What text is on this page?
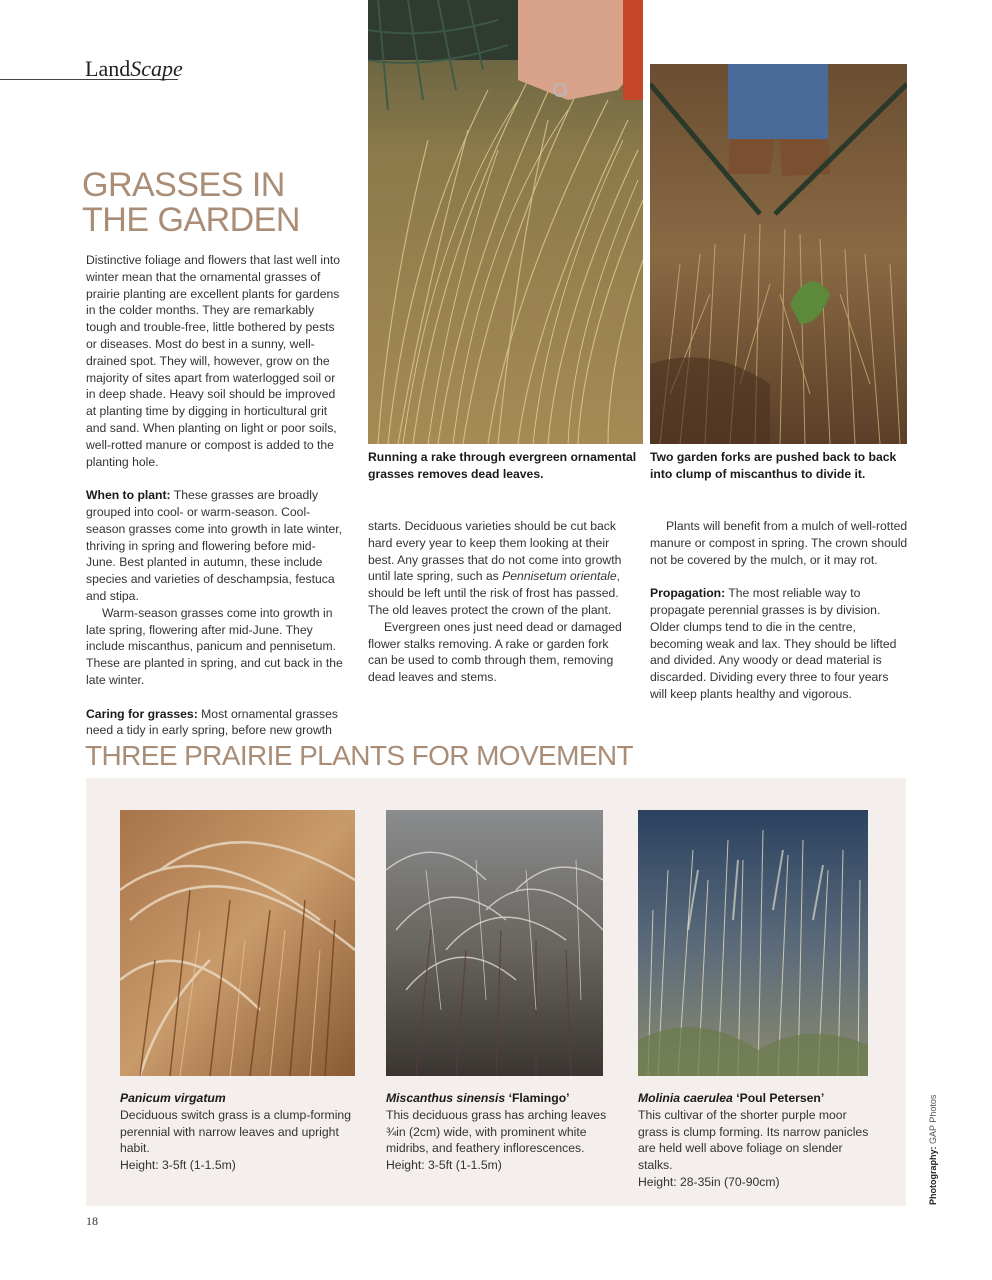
LandScape
GRASSES IN
THE GARDEN

Distinctive foliage and flowers that last well into winter mean that the ornamental grasses of prairie planting are excellent plants for gardens in the colder months. They are remarkably tough and trouble-free, little bothered by pests or diseases. Most do best in a sunny, well-drained spot. They will, however, grow on the majority of sites apart from waterlogged soil or in deep shade. Heavy soil should be improved at planting time by digging in horticultural grit and sand. When planting on light or poor soils, well-rotted manure or compost is added to the planting hole.

When to plant: These grasses are broadly grouped into cool- or warm-season. Cool-season grasses come into growth in late winter, thriving in spring and flowering before mid-June. Best planted in autumn, these include species and varieties of deschampsia, festuca and stipa.

Warm-season grasses come into growth in late spring, flowering after mid-June. They include miscanthus, panicum and pennisetum. These are planted in spring, and cut back in the late winter.

Caring for grasses: Most ornamental grasses need a tidy in early spring, before new growth

starts. Deciduous varieties should be cut back hard every year to keep them looking at their best. Any grasses that do not come into growth until late spring, such as Pennisetum orientale, should be left until the risk of frost has passed. The old leaves protect the crown of the plant.

Evergreen ones just need dead or damaged flower stalks removing. A rake or garden fork can be used to comb through them, removing dead leaves and stems.

Plants will benefit from a mulch of well-rotted manure or compost in spring. The crown should not be covered by the mulch, or it may rot.

Propagation: The most reliable way to propagate perennial grasses is by division. Older clumps tend to die in the centre, becoming weak and lax. They should be lifted and divided. Any woody or dead material is discarded. Dividing every three to four years will keep plants healthy and vigorous.

Running a rake through evergreen ornamental grasses removes dead leaves.
Two garden forks are pushed back to back into clump of miscanthus to divide it.
THREE PRAIRIE PLANTS FOR MOVEMENT

Panicum virgatum

Deciduous switch grass is a clump-forming perennial with narrow leaves and upright habit.

Height: 3-5ft (1-1.5m)

Miscanthus sinensis ‘Flamingo’

This deciduous grass has arching leaves ¾in (2cm) wide, with prominent white midribs, and feathery inflorescences.

Height: 3-5ft (1-1.5m)

Molinia caerulea ‘Poul Petersen’

This cultivar of the shorter purple moor grass is clump forming. Its narrow panicles are held well above foliage on slender stalks.

Height: 28-35in (70-90cm)	Photography: GAP Photos
18
